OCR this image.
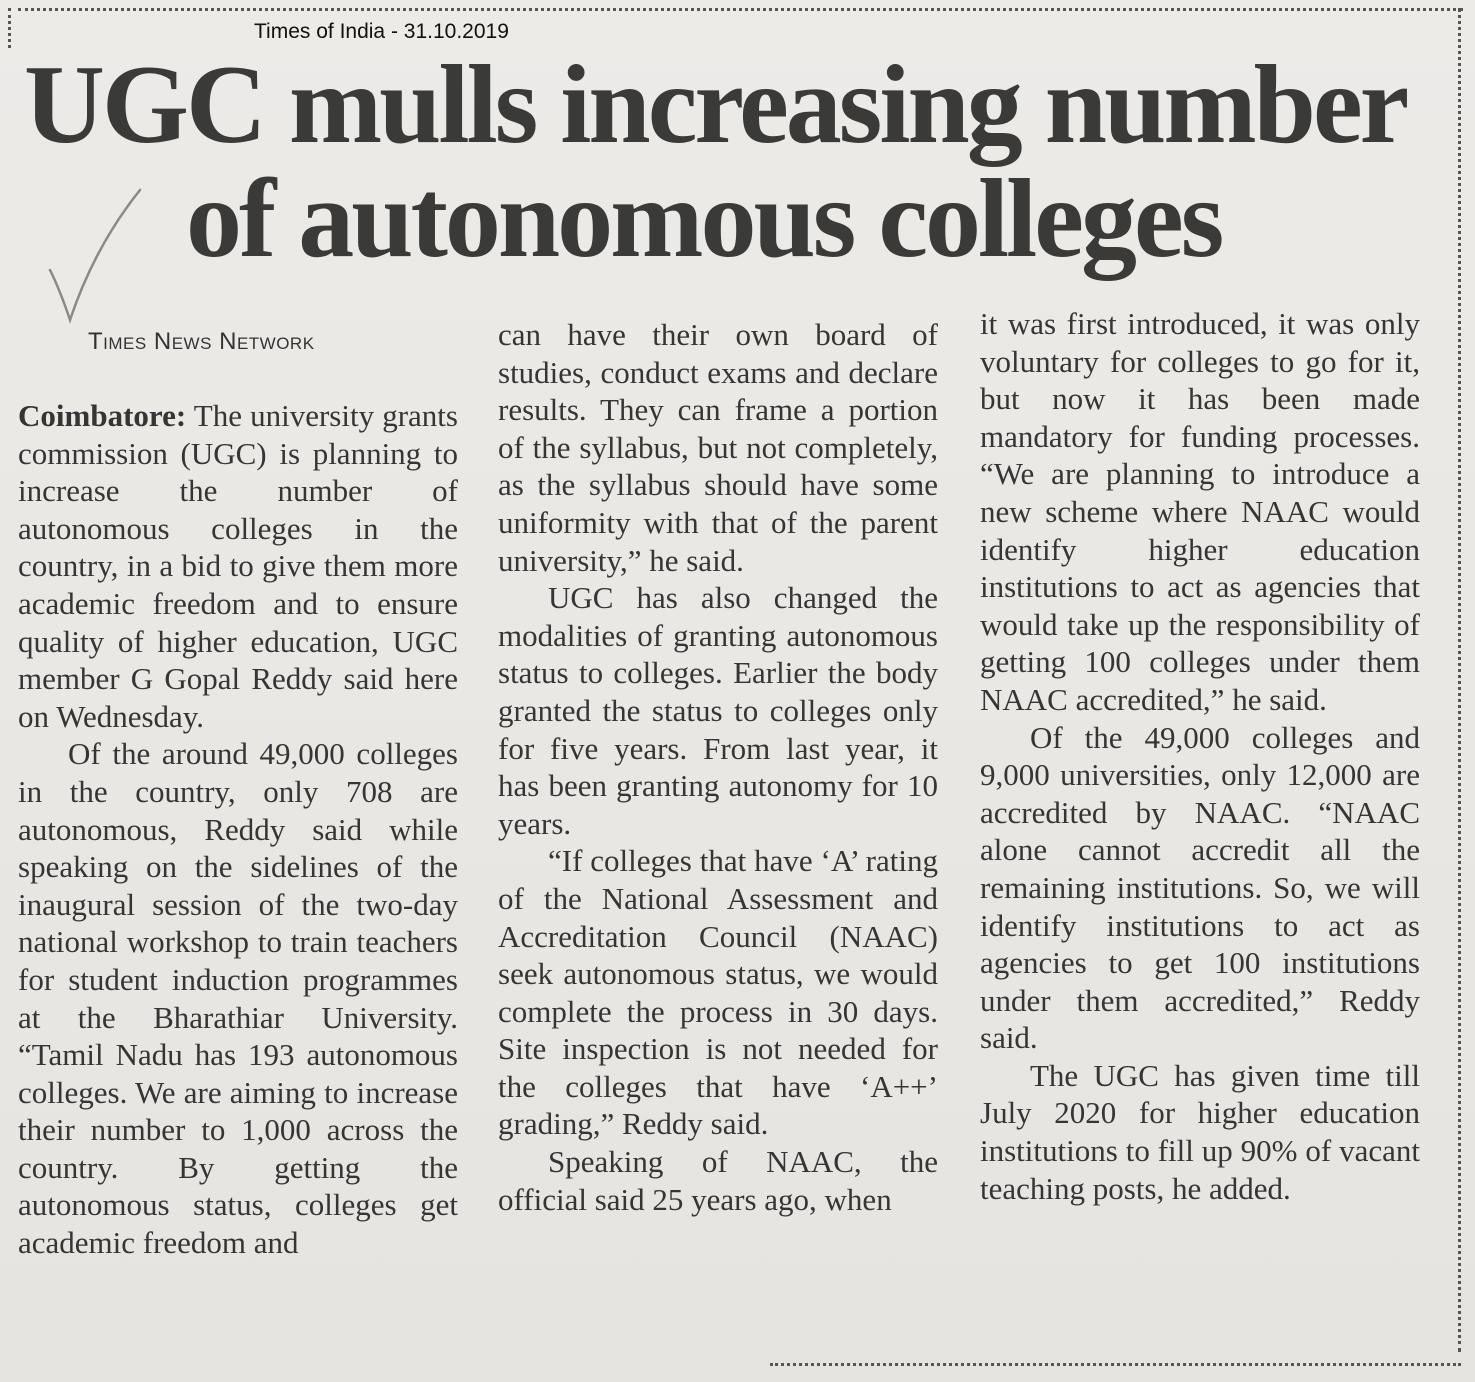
Times of India - 31.10.2019
UGC mulls increasing number
of autonomous colleges
Times News Network

Coimbatore: The university grants commission (UGC) is planning to increase the number of autonomous colleges in the country, in a bid to give them more academic freedom and to ensure quality of higher education, UGC member G Gopal Reddy said here on Wednesday.

Of the around 49,000 colleges in the country, only 708 are autonomous, Reddy said while speaking on the sidelines of the inaugural session of the two-day national workshop to train teachers for student induction programmes at the Bharathiar University. “Tamil Nadu has 193 autonomous colleges. We are aiming to increase their number to 1,000 across the country. By getting the autonomous status, colleges get academic freedom and

can have their own board of studies, conduct exams and declare results. They can frame a portion of the syllabus, but not completely, as the syllabus should have some uniformity with that of the parent university,” he said.

UGC has also changed the modalities of granting autonomous status to colleges. Earlier the body granted the status to colleges only for five years. From last year, it has been granting autonomy for 10 years.

“If colleges that have ‘A’ rating of the National Assessment and Accreditation Council (NAAC) seek autonomous status, we would complete the process in 30 days. Site inspection is not needed for the colleges that have ‘A++’ grading,” Reddy said.

Speaking of NAAC, the official said 25 years ago, when

it was first introduced, it was only voluntary for colleges to go for it, but now it has been made mandatory for funding processes. “We are planning to introduce a new scheme where NAAC would identify higher education institutions to act as agencies that would take up the responsibility of getting 100 colleges under them NAAC accredited,” he said.

Of the 49,000 colleges and 9,000 universities, only 12,000 are accredited by NAAC. “NAAC alone cannot accredit all the remaining institutions. So, we will identify institutions to act as agencies to get 100 institutions under them accredited,” Reddy said.

The UGC has given time till July 2020 for higher education institutions to fill up 90% of vacant teaching posts, he added.
